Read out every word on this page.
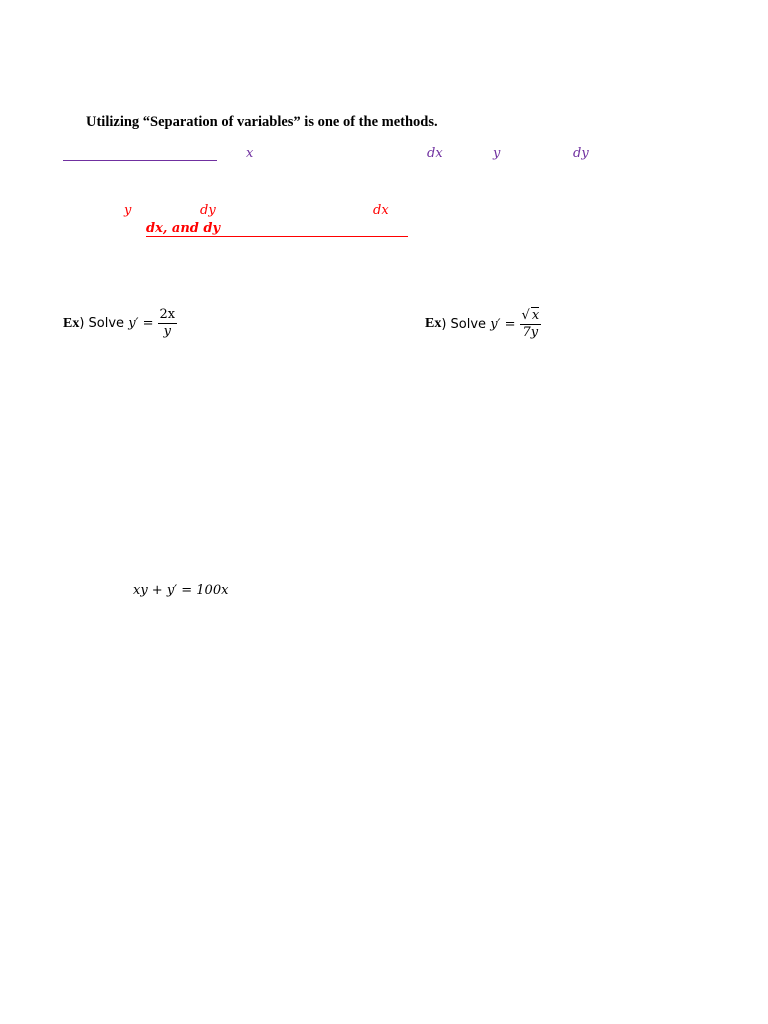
Utilizing “Separation of variables” is one of the methods.
x	dx	y	dy
y	dy	dx
dx, and dy
Ex ) Solve $y' = \frac{2x}{y}$	Ex ) Solve $y' = \frac{√ x}{7y}$
xy + y′ = 100x
